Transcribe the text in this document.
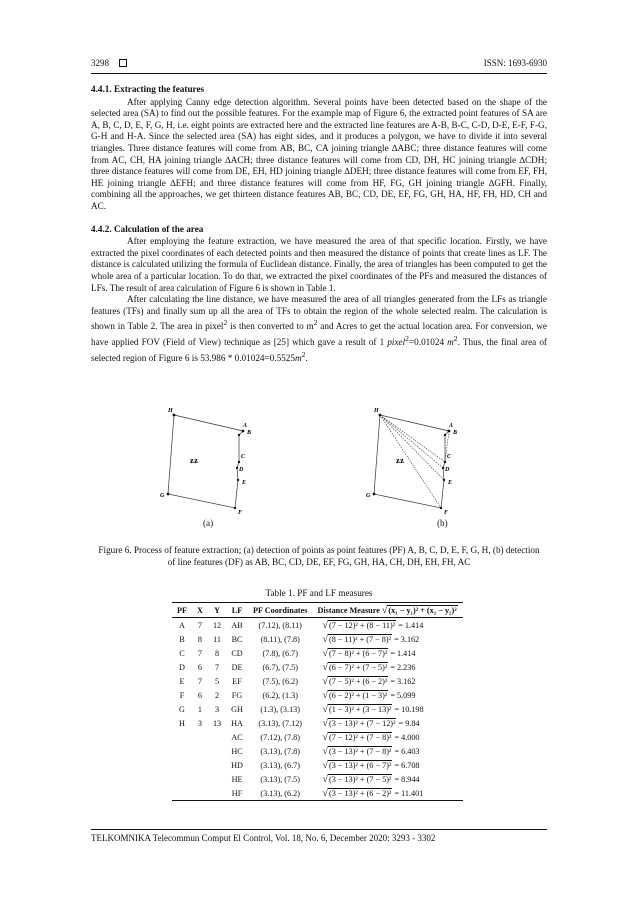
3298	ISSN: 1693-6930
4.4.1. Extracting the features

After applying Canny edge detection algorithm. Several points have been detected based on the shape of the selected area (SA) to find out the possible features. For the example map of Figure 6, the extracted point features of SA are A, B, C, D, E, F, G, H, i.e. eight points are extracted here and the extracted line features are A-B, B-C, C-D, D-E, E-F, F-G, G-H and H-A. Since the selected area (SA) has eight sides, and it produces a polygon, we have to divide it into several triangles. Three distance features will come from AB, BC, CA joining triangle ∆ABC; three distance features will come from AC, CH, HA joining triangle ∆ACH; three distance features will come from CD, DH, HC joining triangle ∆CDH; three distance features will come from DE, EH, HD joining triangle ∆DEH; three distance features will come from EF, FH, HE joining triangle ∆EFH; and three distance features will come from HF, FG, GH joining triangle ∆GFH. Finally, combining all the approaches, we get thirteen distance features AB, BC, CD, DE, EF, FG, GH, HA, HF, FH, HD, CH and AC.

4.4.2. Calculation of the area

After employing the feature extraction, we have measured the area of that specific location. Firstly, we have extracted the pixel coordinates of each detected points and then measured the distance of points that create lines as LF. The distance is calculated utilizing the formula of Euclidean distance. Finally, the area of triangles has been computed to get the whole area of a particular location. To do that, we extracted the pixel coordinates of the PFs and measured the distances of LFs. The result of area calculation of Figure 6 is shown in Table 1.

After calculating the line distance, we have measured the area of all triangles generated from the LFs as triangle features (TFs) and finally sum up all the area of TFs to obtain the region of the whole selected realm. The calculation is shown in Table 2. The area in pixel$^2$ is then converted to $m^2$ and Acres to get the actual location area. For conversion, we have applied FOV (Field of View) technique as [25] which gave a result of 1 pixel$^2$=0.01024 $m^2$. Thus, the final area of selected region of Figure 6 is $53.986 * 0.01024=0.5525m^2$.

H
A
B
C
D
E
G
F
ʑʑ
H
A
B
C
D
E
G
F
ʑʑ
(a)	(b)
Figure 6. Process of feature extraction; (a) detection of points as point features (PF) A, B, C, D, E, F, G, H, (b) detection of line features (DF) as AB, BC, CD, DE, EF, FG, GH, HA, CH, DH, EH, FH, AC
Table 1. PF and LF measures
PF	X	Y	LF	PF Coordinates	Distance Measure √(x₁ − y₁)² + (x₂ − y₂)²
A	7	12	AB	(7.12), (8.11)	√(7 − 12)² + (8 − 11)² = 1.414
B	8	11	BC	(8.11), (7.8)	√(8 − 11)² + (7 − 8)² = 3.162
C	7	8	CD	(7.8), (6.7)	√(7 − 8)² + (6 − 7)² = 1.414
D	6	7	DE	(6.7), (7.5)	√(6 − 7)² + (7 − 5)² = 2.236
E	7	5	EF	(7.5), (6.2)	√(7 − 5)² + (6 − 2)² = 3.162
F	6	2	FG	(6.2), (1.3)	√(6 − 2)² + (1 − 3)² = 5.099
G	1	3	GH	(1.3), (3.13)	√(1 − 3)² + (3 − 13)² = 10.198
H	3	13	HA	(3.13), (7.12)	√(3 − 13)² + (7 − 12)² = 9.84
			AC	(7.12), (7.8)	√(7 − 12)² + (7 − 8)² = 4.000
			HC	(3.13), (7.8)	√(3 − 13)² + (7 − 8)² = 6.403
			HD	(3.13), (6.7)	√(3 − 13)² + (6 − 7)² = 6.708
			HE	(3.13), (7.5)	√(3 − 13)² + (7 − 5)² = 8.944
			HF	(3.13), (6.2)	√(3 − 13)² + (6 − 2)² = 11.401
TELKOMNIKA Telecommun Comput El Control, Vol. 18, No. 6, December 2020: 3293 - 3302
